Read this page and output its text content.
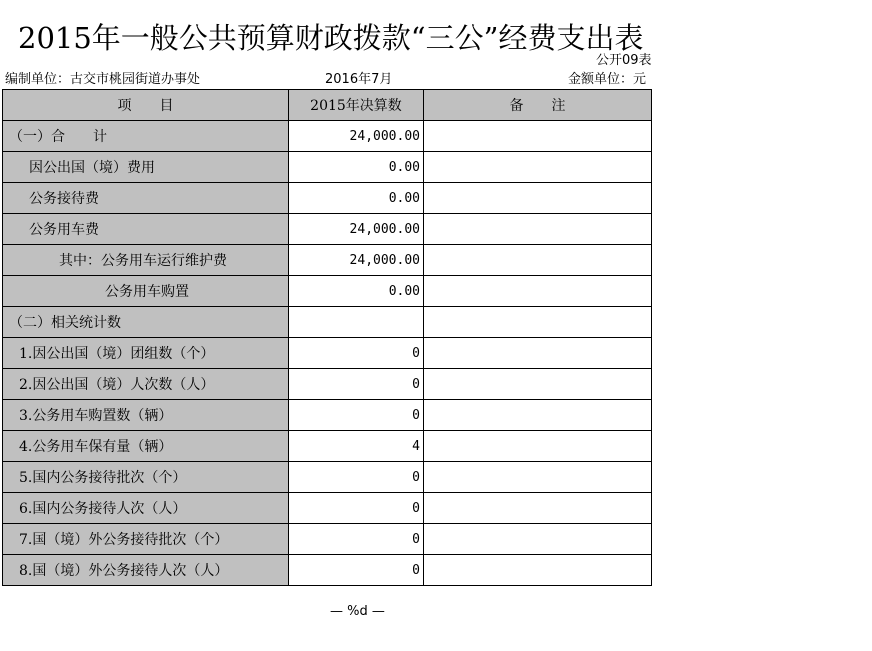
2015年一般公共预算财政拨款“三公”经费支出表
公开09表
编制单位：古交市桃园街道办事处	2016年7月	金额单位：元
项　　目	2015年决算数	备　　注
（一）合　　计	24,000.00	
因公出国（境）费用	0.00	
公务接待费	0.00	
公务用车费	24,000.00	
其中：公务用车运行维护费	24,000.00	
公务用车购置	0.00	
（二）相关统计数		
1.因公出国（境）团组数（个）	0	
2.因公出国（境）人次数（人）	0	
3.公务用车购置数（辆）	0	
4.公务用车保有量（辆）	4	
5.国内公务接待批次（个）	0	
6.国内公务接待人次（人）	0	
7.国（境）外公务接待批次（个）	0	
8.国（境）外公务接待人次（人）	0	
— %d —
